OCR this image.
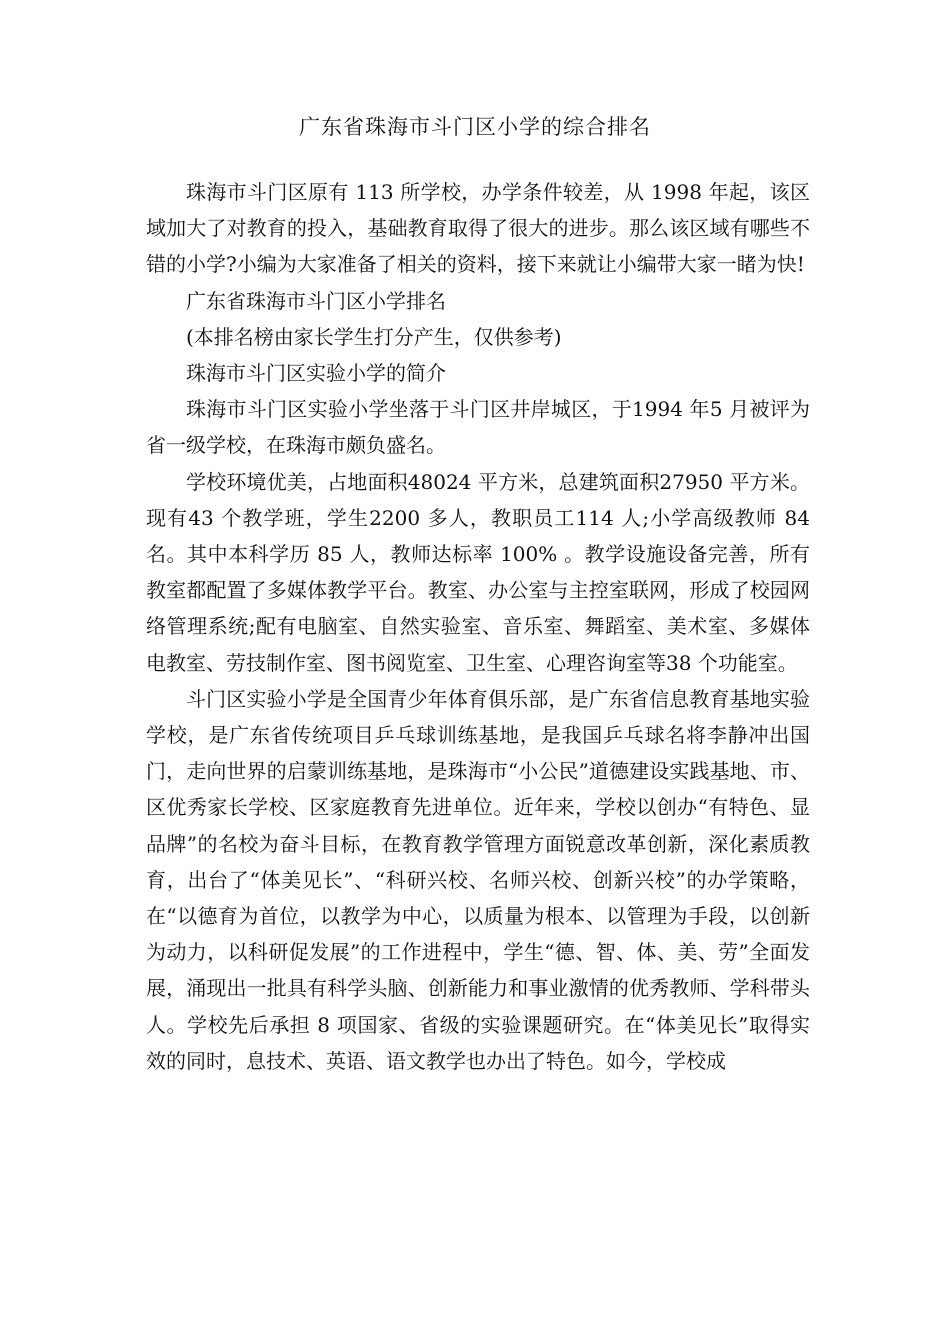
广东省珠海市斗门区小学的综合排名

珠海市斗门区原有 113 所学校，办学条件较差，从 1998 年起，该区域加大了对教育的投入，基础教育取得了很大的进步。那么该区域有哪些不错的小学?小编为大家准备了相关的资料，接下来就让小编带大家一睹为快!

广东省珠海市斗门区小学排名

(本排名榜由家长学生打分产生，仅供参考)

珠海市斗门区实验小学的简介

珠海市斗门区实验小学坐落于斗门区井岸城区，于1994 年5 月被评为省一级学校，在珠海市颇负盛名。

学校环境优美，占地面积48024 平方米，总建筑面积27950 平方米。现有43 个教学班，学生2200 多人，教职员工114 人;小学高级教师 84 名。其中本科学历 85 人，教师达标率 100% 。教学设施设备完善，所有教室都配置了多媒体教学平台。教室、办公室与主控室联网，形成了校园网络管理系统;配有电脑室、自然实验室、音乐室、舞蹈室、美术室、多媒体电教室、劳技制作室、图书阅览室、卫生室、心理咨询室等38 个功能室。

斗门区实验小学是全国青少年体育俱乐部，是广东省信息教育基地实验学校，是广东省传统项目乒乓球训练基地，是我国乒乓球名将李静冲出国门，走向世界的启蒙训练基地，是珠海市“小公民”道德建设实践基地、市、区优秀家长学校、区家庭教育先进单位。近年来，学校以创办“有特色、显品牌”的名校为奋斗目标，在教育教学管理方面锐意改革创新，深化素质教育，出台了“体美见长”、“科研兴校、名师兴校、创新兴校”的办学策略，在“以德育为首位，以教学为中心，以质量为根本、以管理为手段，以创新为动力，以科研促发展”的工作进程中，学生“德、智、体、美、劳”全面发展，涌现出一批具有科学头脑、创新能力和事业激情的优秀教师、学科带头人。学校先后承担 8 项国家、省级的实验课题研究。在“体美见长”取得实效的同时，息技术、英语、语文教学也办出了特色。如今，学校成
